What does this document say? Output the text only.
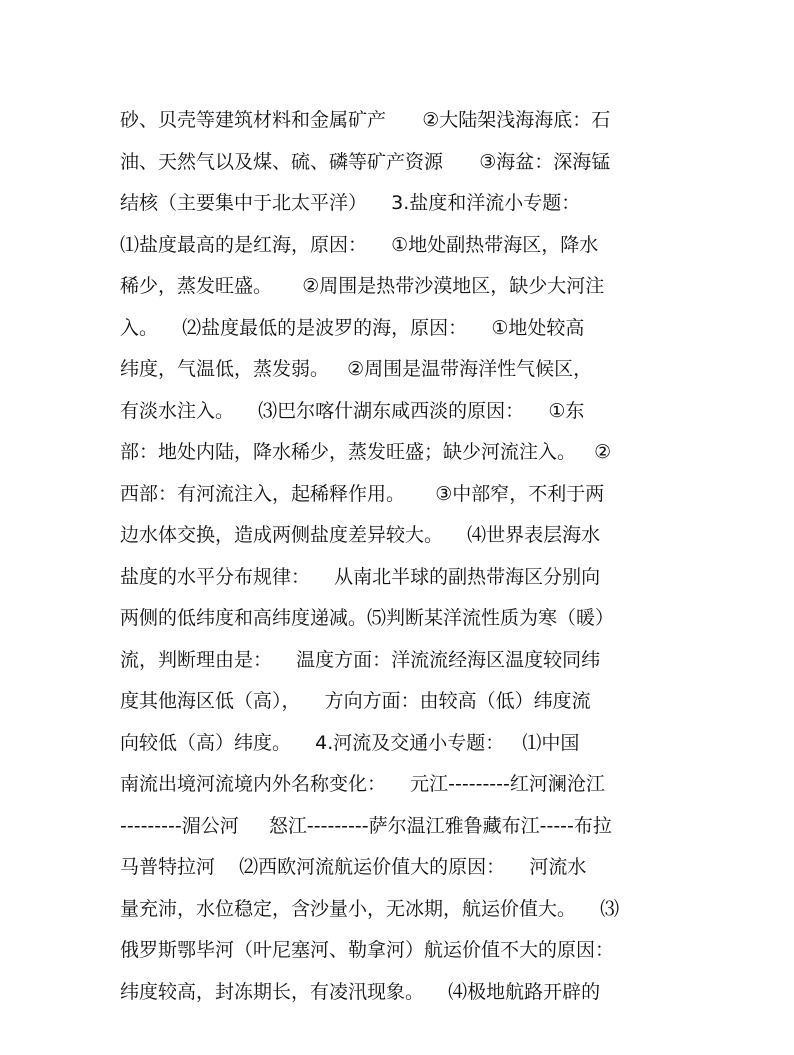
砂、贝壳等建筑材料和金属矿产      ②大陆架浅海海底：石
油、天然气以及煤、硫、磷等矿产资源      ③海盆：深海锰
结核（主要集中于北太平洋）    3.盐度和洋流小专题：
⑴盐度最高的是红海，原因：    ①地处副热带海区，降水
稀少，蒸发旺盛。     ②周围是热带沙漠地区，缺少大河注
入。    ⑵盐度最低的是波罗的海，原因：    ①地处较高
纬度，气温低，蒸发弱。   ②周围是温带海洋性气候区，
有淡水注入。    ⑶巴尔喀什湖东咸西淡的原因：    ①东
部：地处内陆，降水稀少，蒸发旺盛；缺少河流注入。   ②
西部：有河流注入，起稀释作用。     ③中部窄，不利于两
边水体交换，造成两侧盐度差异较大。    ⑷世界表层海水
盐度的水平分布规律：    从南北半球的副热带海区分别向
两侧的低纬度和高纬度递减。⑸判断某洋流性质为寒（暖）
流，判断理由是：    温度方面：洋流流经海区温度较同纬
度其他海区低（高），    方向方面：由较高（低）纬度流
向较低（高）纬度。    4.河流及交通小专题：   ⑴中国
南流出境河流境内外名称变化：    元江---------红河澜沧江
---------湄公河     怒江---------萨尔温江雅鲁藏布江-----布拉
马普特拉河    ⑵西欧河流航运价值大的原因：    河流水
量充沛，水位稳定，含沙量小，无冰期，航运价值大。    ⑶
俄罗斯鄂毕河（叶尼塞河、勒拿河）航运价值不大的原因：
纬度较高，封冻期长，有凌汛现象。    ⑷极地航路开辟的
